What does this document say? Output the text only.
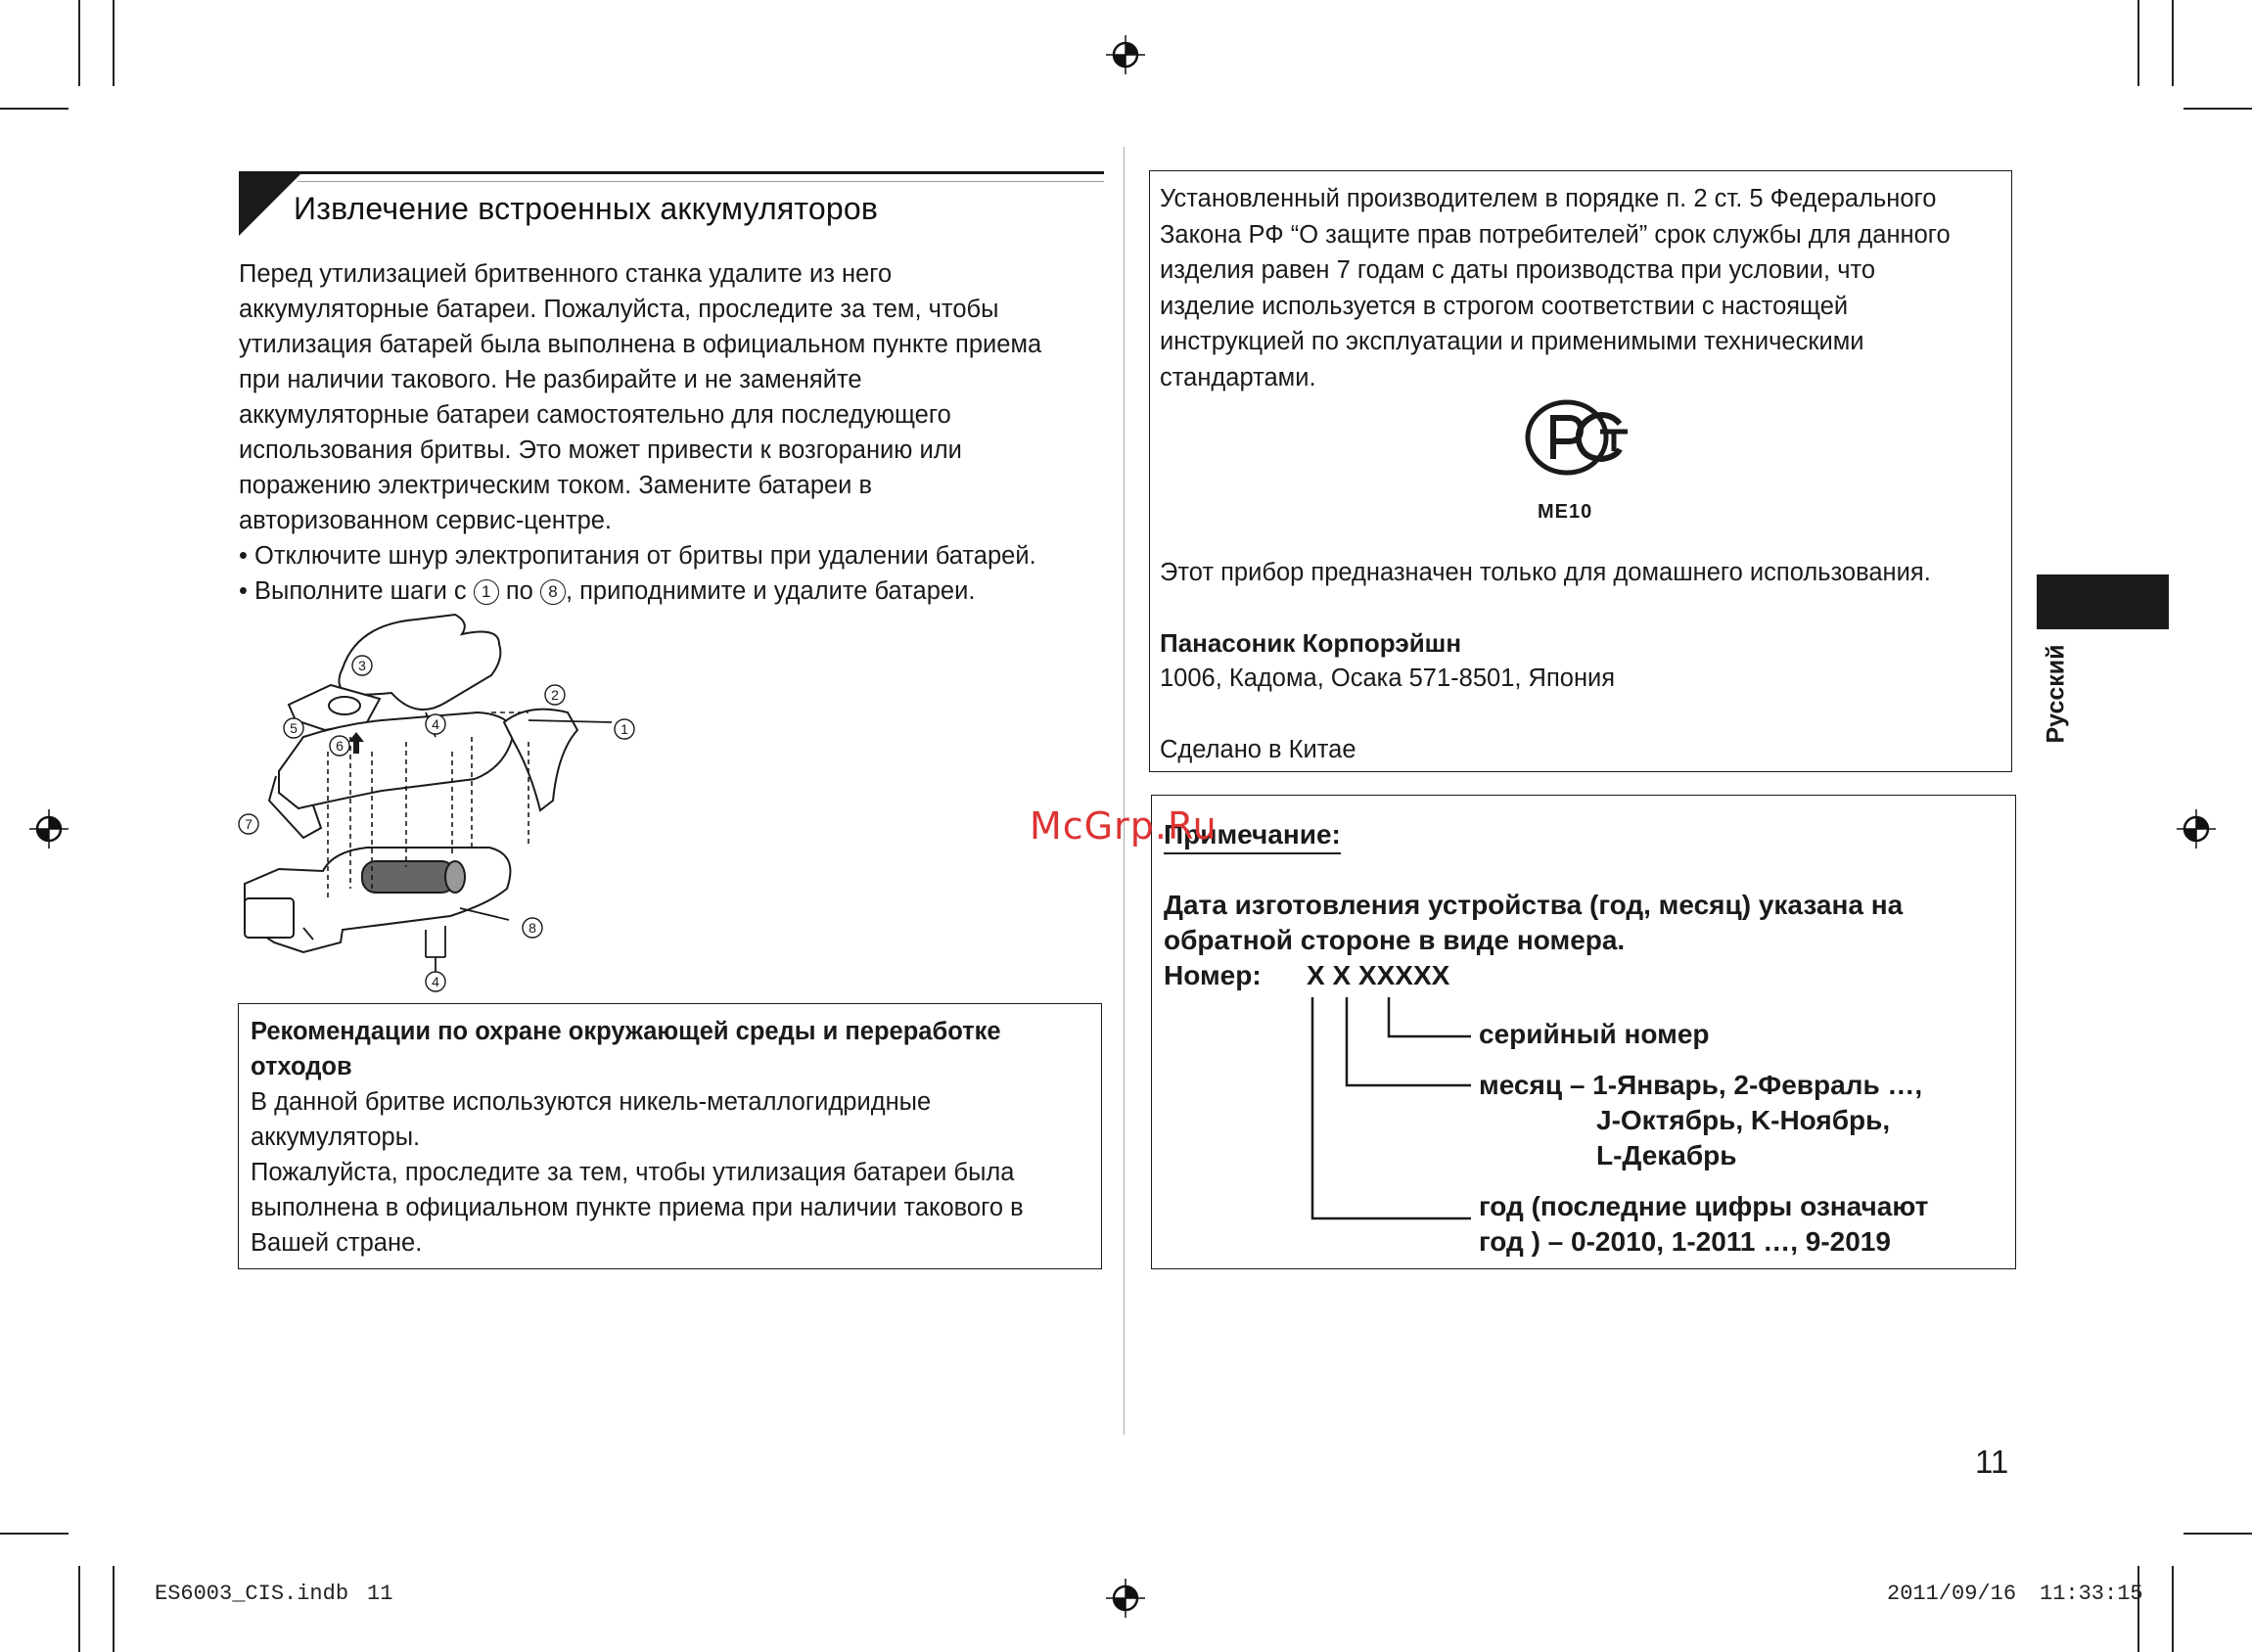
Извлечение встроенных аккумуляторов

Перед утилизацией бритвенного станка удалите из него

аккумуляторные батареи. Пожалуйста, проследите за тем, чтобы

утилизация батарей была выполнена в официальном пункте приема

при наличии такового. Не разбирайте и не заменяйте

аккумуляторные батареи самостоятельно для последующего

использования бритвы. Это может привести к возгоранию или

поражению электрическим током. Замените батареи в

авторизованном сервис-центре.

• Отключите шнур электропитания от бритвы при удалении батарей.

• Выполните шаги с 1 по 8 , приподнимите и удалите батареи.

1
2
3
4
5
6
7
8
4

Рекомендации по охране окружающей среды и переработке

отходов

В данной бритве используются никель-металлогидридные

аккумуляторы.

Пожалуйста, проследите за тем, чтобы утилизация батареи была

выполнена в официальном пункте приема при наличии такового в

Вашей стране.

Установленный производителем в порядке п. 2 ст. 5 Федерального

Закона РФ “О защите прав потребителей” срок службы для данного

изделия равен 7 годам с даты производства при условии, что

изделие используется в строгом соответствии с настоящей

инструкцией по эксплуатации и применимыми техническими

стандартами.

ME10

Этот прибор предназначен только для домашнего использования.

Панасоник Корпорэйшн

1006, Кадома, Осака 571-8501, Япония

Сделано в Китае

Примечание:
Дата изготовления устройства (год, месяц) указана на
обратной стороне в виде номера.
Номер: X X XXXXX
серийный номер
месяц – 1-Январь, 2-Февраль …,
J-Октябрь, K-Ноябрь,
L-Декабрь
год (последние цифры означают
год ) – 0-2010, 1-2011 …, 9-2019
McGrp.Ru
Русский
11
ES6003_CIS.indb 11	2011/09/16 11:33:15
